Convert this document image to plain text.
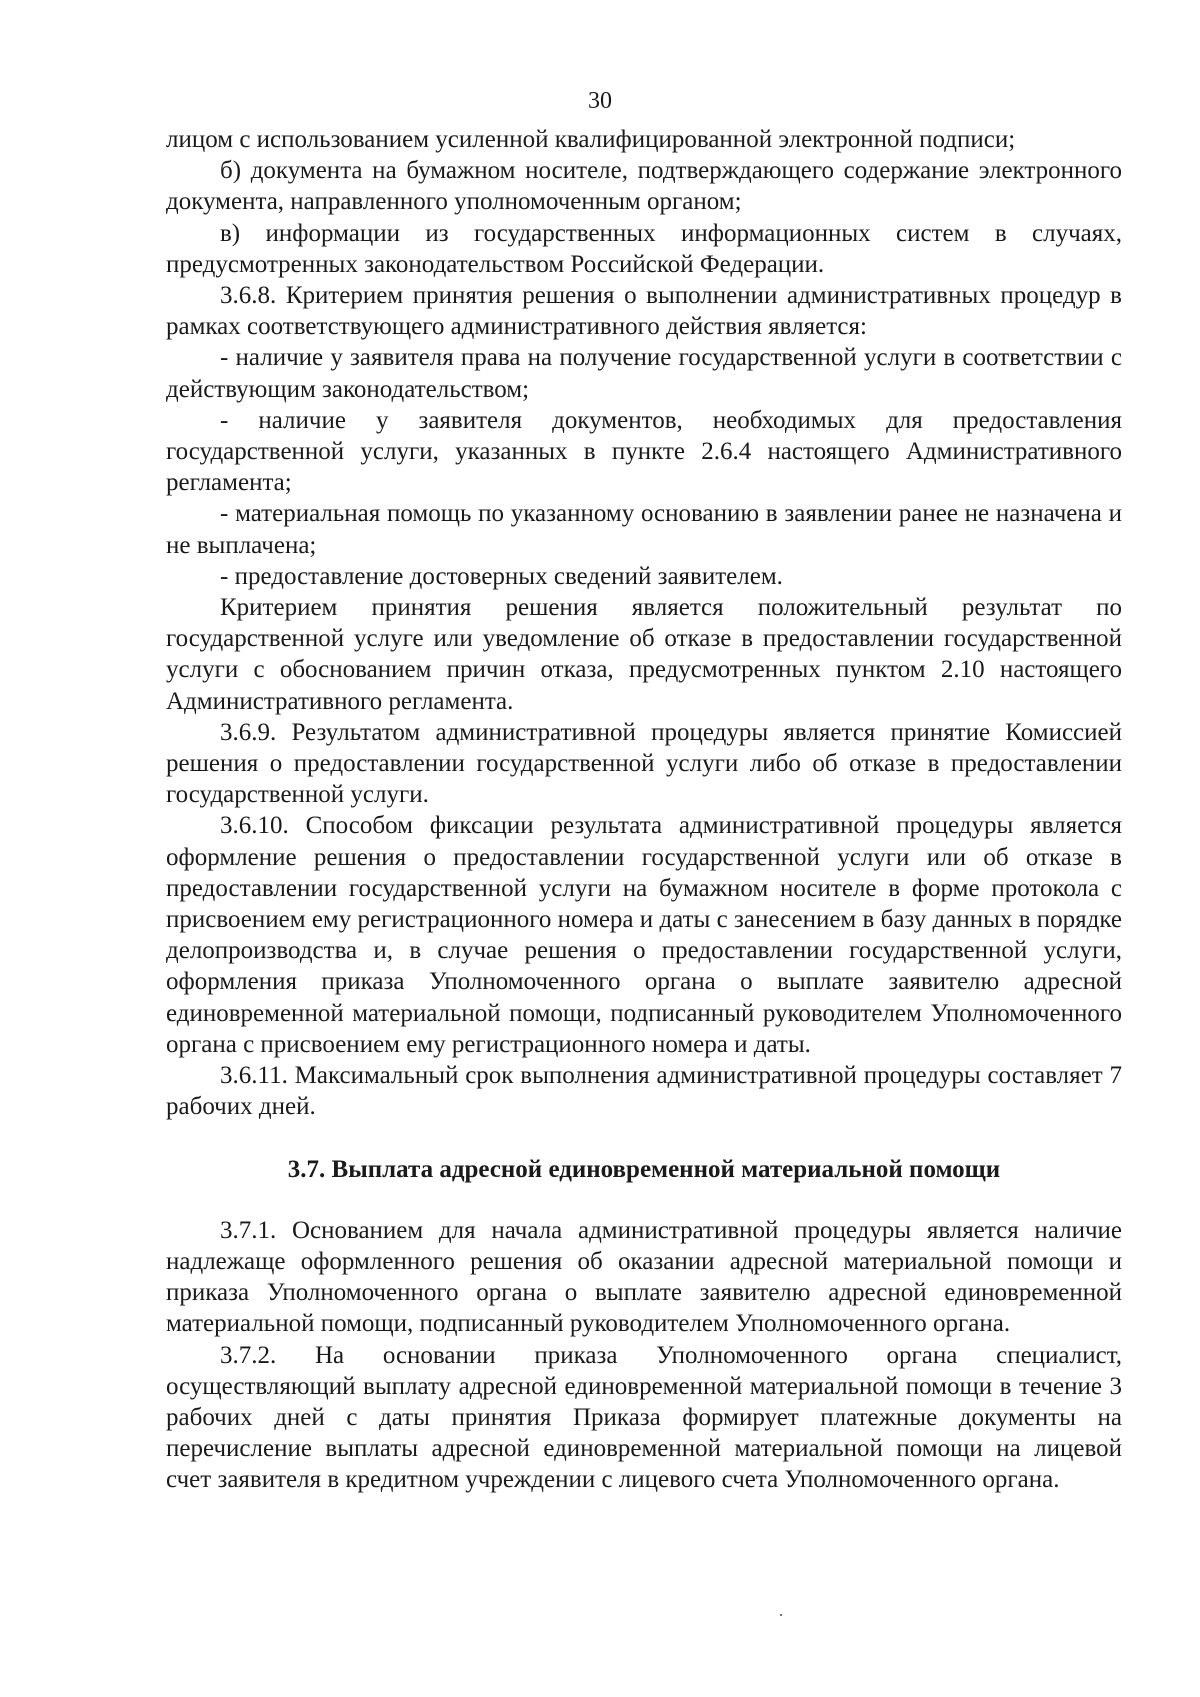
30

лицом с использованием усиленной квалифицированной электронной подписи;

б) документа на бумажном носителе, подтверждающего содержание электронного документа, направленного уполномоченным органом;

в) информации из государственных информационных систем в случаях, предусмотренных законодательством Российской Федерации.

3.6.8. Критерием принятия решения о выполнении административных процедур в рамках соответствующего административного действия является:

- наличие у заявителя права на получение государственной услуги в соответствии с действующим законодательством;

- наличие у заявителя документов, необходимых для предоставления государственной услуги, указанных в пункте 2.6.4 настоящего Административного регламента;

- материальная помощь по указанному основанию в заявлении ранее не назначена и не выплачена;

- предоставление достоверных сведений заявителем.

Критерием принятия решения является положительный результат по государственной услуге или уведомление об отказе в предоставлении государственной услуги с обоснованием причин отказа, предусмотренных пунктом 2.10 настоящего Административного регламента.

3.6.9. Результатом административной процедуры является принятие Комиссией решения о предоставлении государственной услуги либо об отказе в предоставлении государственной услуги.

3.6.10. Способом фиксации результата административной процедуры является оформление решения о предоставлении государственной услуги или об отказе в предоставлении государственной услуги на бумажном носителе в форме протокола с присвоением ему регистрационного номера и даты с занесением в базу данных в порядке делопроизводства и, в случае решения о предоставлении государственной услуги, оформления приказа Уполномоченного органа о выплате заявителю адресной единовременной материальной помощи, подписанный руководителем Уполномоченного органа с присвоением ему регистрационного номера и даты.

3.6.11. Максимальный срок выполнения административной процедуры составляет 7 рабочих дней.

3.7. Выплата адресной единовременной материальной помощи

3.7.1. Основанием для начала административной процедуры является наличие надлежаще оформленного решения об оказании адресной материальной помощи и приказа Уполномоченного органа о выплате заявителю адресной единовременной материальной помощи, подписанный руководителем Уполномоченного органа.

3.7.2. На основании приказа Уполномоченного органа специалист, осуществляющий выплату адресной единовременной материальной помощи в течение 3 рабочих дней с даты принятия Приказа формирует платежные документы на перечисление выплаты адресной единовременной материальной помощи на лицевой счет заявителя в кредитном учреждении с лицевого счета Уполномоченного органа.
